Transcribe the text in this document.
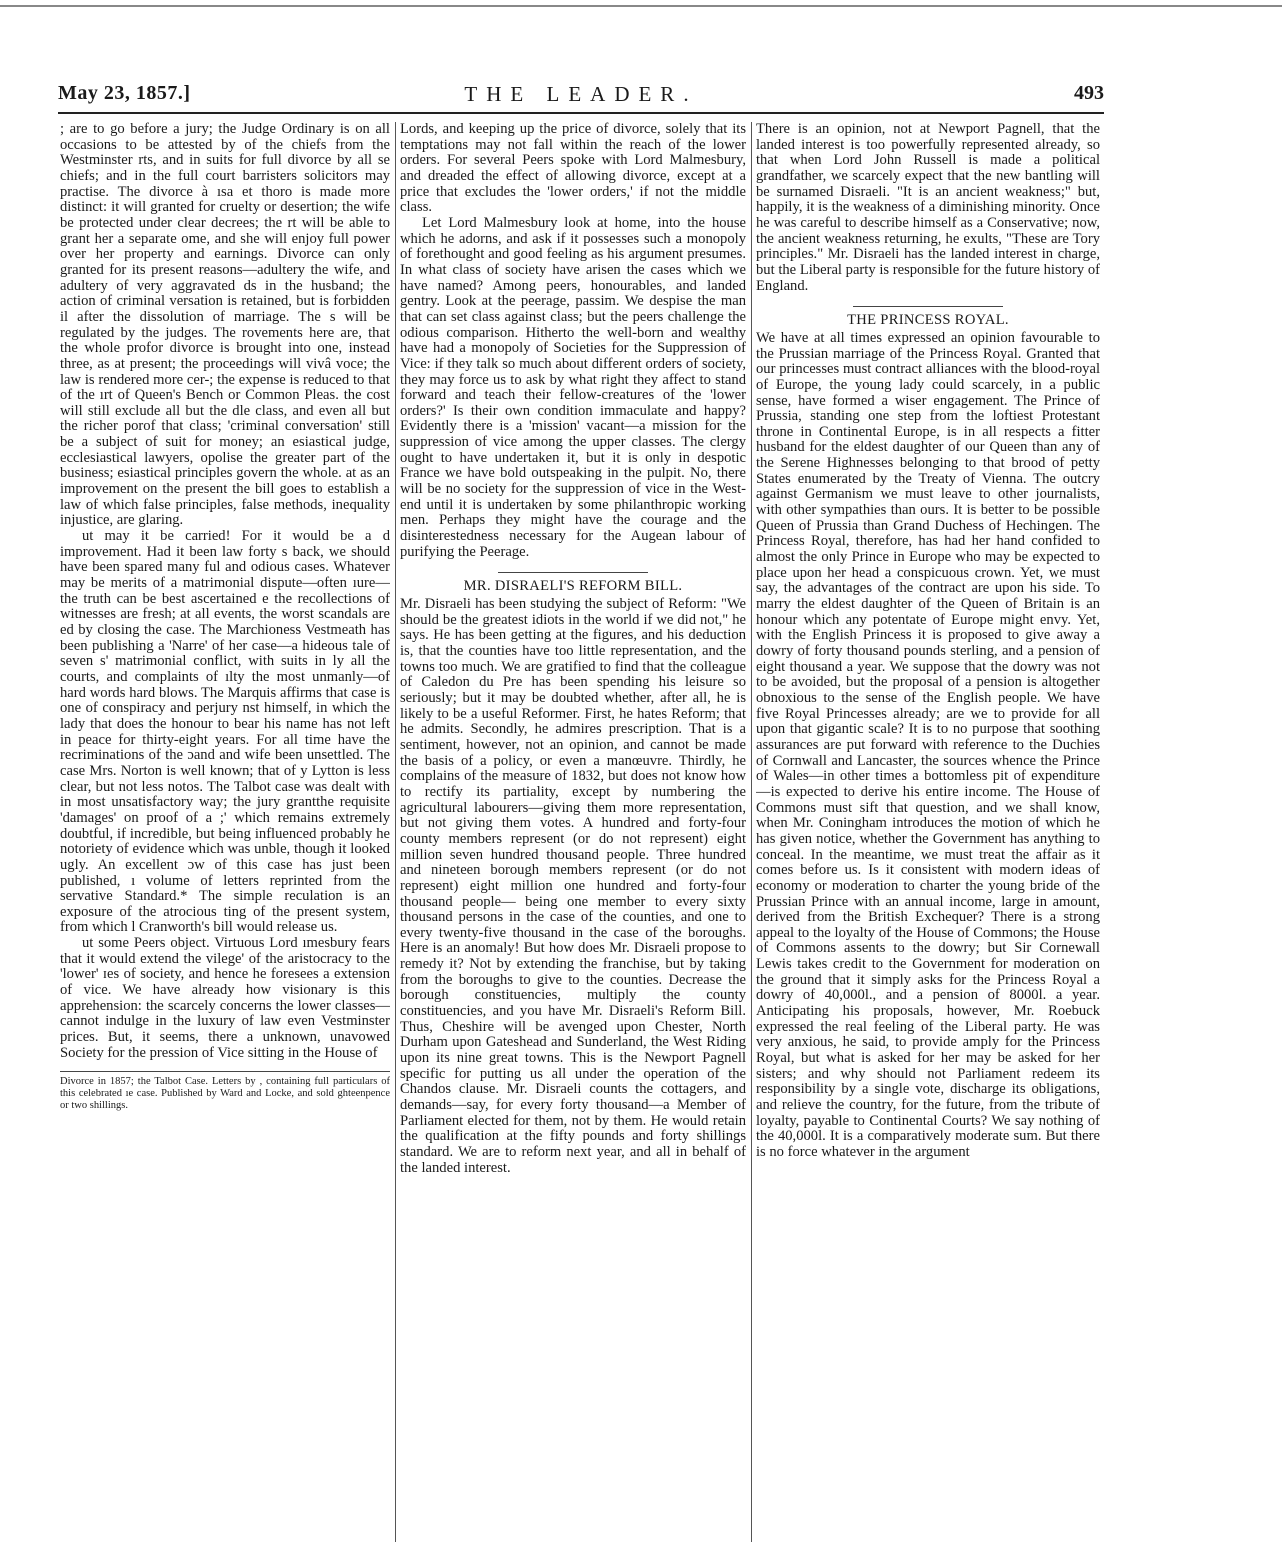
May 23, 1857.]	THE LEADER.	493

; are to go before a jury; the Judge Ordinary is on all occasions to be attested by of the chiefs from the Westminster rts, and in suits for full divorce by all se chiefs; and in the full court barristers solicitors may practise. The divorce à ısa et thoro is made more distinct: it will granted for cruelty or desertion; the wife be protected under clear decrees; the rt will be able to grant her a separate ome, and she will enjoy full power over her property and earnings. Divorce can only granted for its present reasons—adultery the wife, and adultery of very aggravated ds in the husband; the action of criminal versation is retained, but is forbidden il after the dissolution of marriage. The s will be regulated by the judges. The rovements here are, that the whole profor divorce is brought into one, instead three, as at present; the proceedings will vivâ voce; the law is rendered more cer-; the expense is reduced to that of the ırt of Queen's Bench or Common Pleas. the cost will still exclude all but the dle class, and even all but the richer porof that class; 'criminal conversation' still be a subject of suit for money; an esiastical judge, ecclesiastical lawyers, opolise the greater part of the business; esiastical principles govern the whole. at as an improvement on the present the bill goes to establish a law of which false principles, false methods, inequality injustice, are glaring.

ut may it be carried! For it would be a d improvement. Had it been law forty s back, we should have been spared many ful and odious cases. Whatever may be merits of a matrimonial dispute—often ıure—the truth can be best ascertained e the recollections of witnesses are fresh; at all events, the worst scandals are ed by closing the case. The Marchioness Vestmeath has been publishing a 'Narre' of her case—a hideous tale of seven s' matrimonial conflict, with suits in ly all the courts, and complaints of ılty the most unmanly—of hard words hard blows. The Marquis affirms that case is one of conspiracy and perjury nst himself, in which the lady that does the honour to bear his name has not left in peace for thirty-eight years. For all time have the recriminations of the ɔand and wife been unsettled. The case Mrs. Norton is well known; that of y Lytton is less clear, but not less notos. The Talbot case was dealt with in most unsatisfactory way; the jury grantthe requisite 'damages' on proof of a ;' which remains extremely doubtful, if incredible, but being influenced probably he notoriety of evidence which was unble, though it looked ugly. An excellent ɔw of this case has just been published, ı volume of letters reprinted from the servative Standard.* The simple reculation is an exposure of the atrocious ting of the present system, from which l Cranworth's bill would release us.

ut some Peers object. Virtuous Lord ımesbury fears that it would extend the vilege' of the aristocracy to the 'lower' ɪes of society, and hence he foresees a extension of vice. We have already how visionary is this apprehension: the scarcely concerns the lower classes— cannot indulge in the luxury of law even Vestminster prices. But, it seems, there a unknown, unavowed Society for the pression of Vice sitting in the House of

Divorce in 1857; the Talbot Case. Letters by , containing full particulars of this celebrated ıe case. Published by Ward and Locke, and sold ghteenpence or two shillings.

Lords, and keeping up the price of divorce, solely that its temptations may not fall within the reach of the lower orders. For several Peers spoke with Lord Malmesbury, and dreaded the effect of allowing divorce, except at a price that excludes the 'lower orders,' if not the middle class.

Let Lord Malmesbury look at home, into the house which he adorns, and ask if it possesses such a monopoly of forethought and good feeling as his argument presumes. In what class of society have arisen the cases which we have named? Among peers, honourables, and landed gentry. Look at the peerage, passim. We despise the man that can set class against class; but the peers challenge the odious comparison. Hitherto the well-born and wealthy have had a monopoly of Societies for the Suppression of Vice: if they talk so much about different orders of society, they may force us to ask by what right they affect to stand forward and teach their fellow-creatures of the 'lower orders?' Is their own condition immaculate and happy? Evidently there is a 'mission' vacant—a mission for the suppression of vice among the upper classes. The clergy ought to have undertaken it, but it is only in despotic France we have bold outspeaking in the pulpit. No, there will be no society for the suppression of vice in the West-end until it is undertaken by some philanthropic working men. Perhaps they might have the courage and the disinterestedness necessary for the Augean labour of purifying the Peerage.

MR. DISRAELI'S REFORM BILL.

Mr. Disraeli has been studying the subject of Reform: "We should be the greatest idiots in the world if we did not," he says. He has been getting at the figures, and his deduction is, that the counties have too little representation, and the towns too much. We are gratified to find that the colleague of Caledon du Pre has been spending his leisure so seriously; but it may be doubted whether, after all, he is likely to be a useful Reformer. First, he hates Reform; that he admits. Secondly, he admires prescription. That is a sentiment, however, not an opinion, and cannot be made the basis of a policy, or even a manœuvre. Thirdly, he complains of the measure of 1832, but does not know how to rectify its partiality, except by numbering the agricultural labourers—giving them more representation, but not giving them votes. A hundred and forty-four county members represent (or do not represent) eight million seven hundred thousand people. Three hundred and nineteen borough members represent (or do not represent) eight million one hundred and forty-four thousand people— being one member to every sixty thousand persons in the case of the counties, and one to every twenty-five thousand in the case of the boroughs. Here is an anomaly! But how does Mr. Disraeli propose to remedy it? Not by extending the franchise, but by taking from the boroughs to give to the counties. Decrease the borough constituencies, multiply the county constituencies, and you have Mr. Disraeli's Reform Bill. Thus, Cheshire will be avenged upon Chester, North Durham upon Gateshead and Sunderland, the West Riding upon its nine great towns. This is the Newport Pagnell specific for putting us all under the operation of the Chandos clause. Mr. Disraeli counts the cottagers, and demands—say, for every forty thousand—a Member of Parliament elected for them, not by them. He would retain the qualification at the fifty pounds and forty shillings standard. We are to reform next year, and all in behalf of the landed interest.

There is an opinion, not at Newport Pagnell, that the landed interest is too powerfully represented already, so that when Lord John Russell is made a political grandfather, we scarcely expect that the new bantling will be surnamed Disraeli. "It is an ancient weakness;" but, happily, it is the weakness of a diminishing minority. Once he was careful to describe himself as a Conservative; now, the ancient weakness returning, he exults, "These are Tory principles." Mr. Disraeli has the landed interest in charge, but the Liberal party is responsible for the future history of England.

THE PRINCESS ROYAL.

We have at all times expressed an opinion favourable to the Prussian marriage of the Princess Royal. Granted that our princesses must contract alliances with the blood-royal of Europe, the young lady could scarcely, in a public sense, have formed a wiser engagement. The Prince of Prussia, standing one step from the loftiest Protestant throne in Continental Europe, is in all respects a fitter husband for the eldest daughter of our Queen than any of the Serene Highnesses belonging to that brood of petty States enumerated by the Treaty of Vienna. The outcry against Germanism we must leave to other journalists, with other sympathies than ours. It is better to be possible Queen of Prussia than Grand Duchess of Hechingen. The Princess Royal, therefore, has had her hand confided to almost the only Prince in Europe who may be expected to place upon her head a conspicuous crown. Yet, we must say, the advantages of the contract are upon his side. To marry the eldest daughter of the Queen of Britain is an honour which any potentate of Europe might envy. Yet, with the English Princess it is proposed to give away a dowry of forty thousand pounds sterling, and a pension of eight thousand a year. We suppose that the dowry was not to be avoided, but the proposal of a pension is altogether obnoxious to the sense of the English people. We have five Royal Princesses already; are we to provide for all upon that gigantic scale? It is to no purpose that soothing assurances are put forward with reference to the Duchies of Cornwall and Lancaster, the sources whence the Prince of Wales—in other times a bottomless pit of expenditure—is expected to derive his entire income. The House of Commons must sift that question, and we shall know, when Mr. Coningham introduces the motion of which he has given notice, whether the Government has anything to conceal. In the meantime, we must treat the affair as it comes before us. Is it consistent with modern ideas of economy or moderation to charter the young bride of the Prussian Prince with an annual income, large in amount, derived from the British Exchequer? There is a strong appeal to the loyalty of the House of Commons; the House of Commons assents to the dowry; but Sir Cornewall Lewis takes credit to the Government for moderation on the ground that it simply asks for the Princess Royal a dowry of 40,000l., and a pension of 8000l. a year. Anticipating his proposals, however, Mr. Roebuck expressed the real feeling of the Liberal party. He was very anxious, he said, to provide amply for the Princess Royal, but what is asked for her may be asked for her sisters; and why should not Parliament redeem its responsibility by a single vote, discharge its obligations, and relieve the country, for the future, from the tribute of loyalty, payable to Continental Courts? We say nothing of the 40,000l. It is a comparatively moderate sum. But there is no force whatever in the argument
